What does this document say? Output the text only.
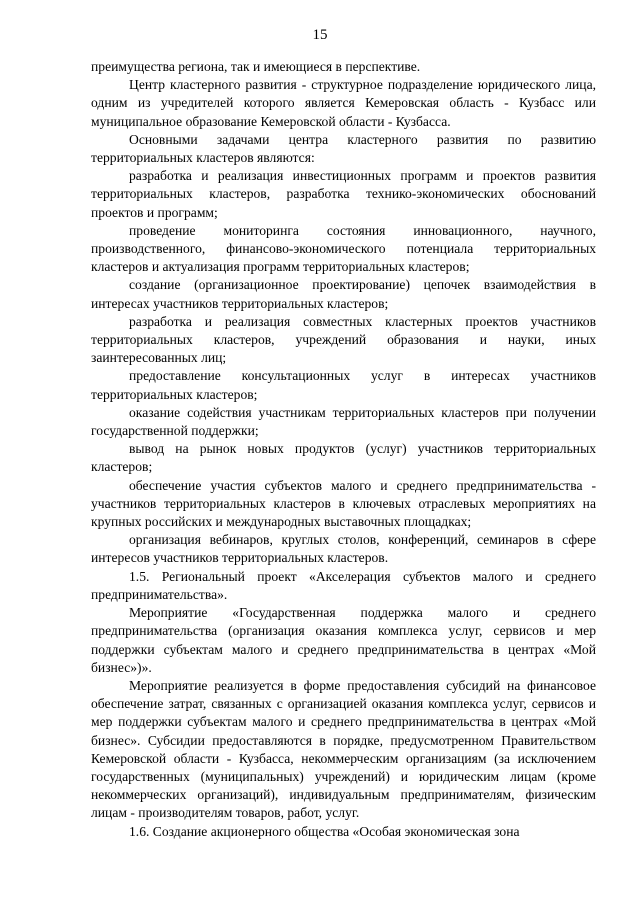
15

преимущества региона, так и имеющиеся в перспективе.

Центр кластерного развития - структурное подразделение юридического лица, одним из учредителей которого является Кемеровская область - Кузбасс или муниципальное образование Кемеровской области - Кузбасса.

Основными задачами центра кластерного развития по развитию территориальных кластеров являются:

разработка и реализация инвестиционных программ и проектов развития территориальных кластеров, разработка технико-экономических обоснований проектов и программ;

проведение мониторинга состояния инновационного, научного, производственного, финансово-экономического потенциала территориальных кластеров и актуализация программ территориальных кластеров;

создание (организационное проектирование) цепочек взаимодействия в интересах участников территориальных кластеров;

разработка и реализация совместных кластерных проектов участников территориальных кластеров, учреждений образования и науки, иных заинтересованных лиц;

предоставление консультационных услуг в интересах участников территориальных кластеров;

оказание содействия участникам территориальных кластеров при получении государственной поддержки;

вывод на рынок новых продуктов (услуг) участников территориальных кластеров;

обеспечение участия субъектов малого и среднего предпринимательства - участников территориальных кластеров в ключевых отраслевых мероприятиях на крупных российских и международных выставочных площадках;

организация вебинаров, круглых столов, конференций, семинаров в сфере интересов участников территориальных кластеров.

1.5. Региональный проект «Акселерация субъектов малого и среднего предпринимательства».

Мероприятие «Государственная поддержка малого и среднего предпринимательства (организация оказания комплекса услуг, сервисов и мер поддержки субъектам малого и среднего предпринимательства в центрах «Мой бизнес»)».

Мероприятие реализуется в форме предоставления субсидий на финансовое обеспечение затрат, связанных с организацией оказания комплекса услуг, сервисов и мер поддержки субъектам малого и среднего предпринимательства в центрах «Мой бизнес». Субсидии предоставляются в порядке, предусмотренном Правительством Кемеровской области - Кузбасса, некоммерческим организациям (за исключением государственных (муниципальных) учреждений) и юридическим лицам (кроме некоммерческих организаций), индивидуальным предпринимателям, физическим лицам - производителям товаров, работ, услуг.

1.6. Создание акционерного общества «Особая экономическая зона
